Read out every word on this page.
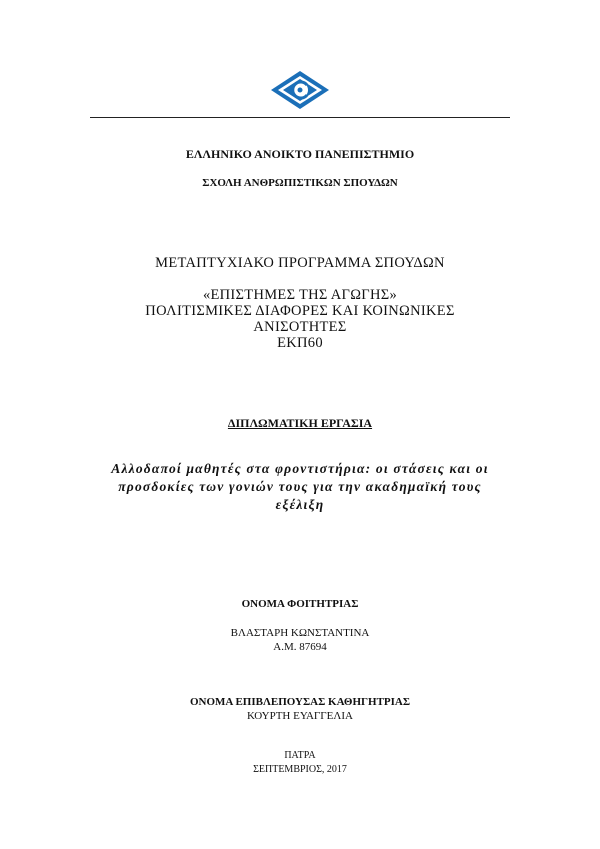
ΕΛΛΗΝΙΚΟ ΑΝΟΙΚΤΟ ΠΑΝΕΠΙΣΤΗΜΙΟ
ΣΧΟΛΗ ΑΝΘΡΩΠΙΣΤΙΚΩΝ ΣΠΟΥΔΩΝ
ΜΕΤΑΠΤΥΧΙΑΚΟ ΠΡΟΓΡΑΜΜΑ ΣΠΟΥΔΩΝ
«ΕΠΙΣΤΗΜΕΣ ΤΗΣ ΑΓΩΓΗΣ»
ΠΟΛΙΤΙΣΜΙΚΕΣ ΔΙΑΦΟΡΕΣ ΚΑΙ ΚΟΙΝΩΝΙΚΕΣ
ΑΝΙΣΟΤΗΤΕΣ
ΕΚΠ60
ΔΙΠΛΩΜΑΤΙΚΗ ΕΡΓΑΣΙΑ
Αλλοδαποί μαθητές στα φροντιστήρια: οι στάσεις και οι
προσδοκίες των γονιών τους για την ακαδημαϊκή τους
εξέλιξη
ΟΝΟΜΑ ΦΟΙΤΗΤΡΙΑΣ
ΒΛΑΣΤΑΡΗ ΚΩΝΣΤΑΝΤΙΝΑ
Α.Μ. 87694
ΟΝΟΜΑ ΕΠΙΒΛΕΠΟΥΣΑΣ ΚΑΘΗΓΗΤΡΙΑΣ
ΚΟΥΡΤΗ ΕΥΑΓΓΕΛΙΑ
ΠΑΤΡΑ
ΣΕΠΤΕΜΒΡΙΟΣ, 2017
